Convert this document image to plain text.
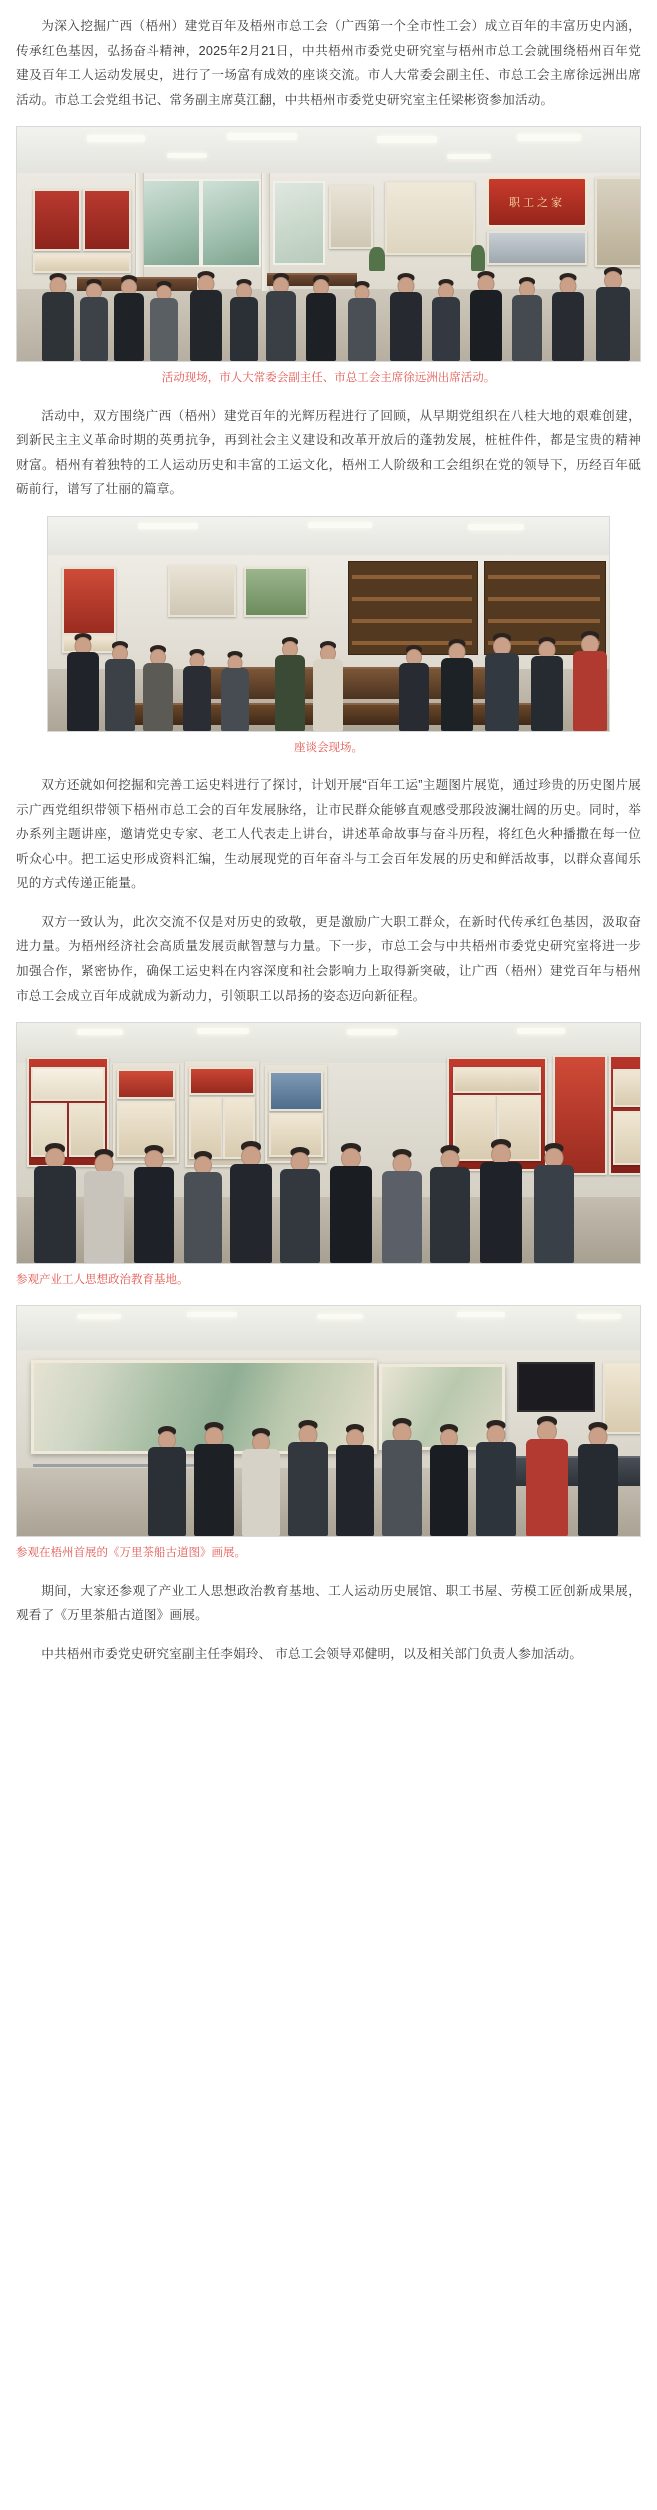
为深入挖掘广西（梧州）建党百年及梧州市总工会（广西第一个全市性工会）成立百年的丰富历史内涵，传承红色基因，弘扬奋斗精神，2025年2月21日，中共梧州市委党史研究室与梧州市总工会就围绕梧州百年党建及百年工人运动发展史，进行了一场富有成效的座谈交流。市人大常委会副主任、市总工会主席徐远洲出席活动。市总工会党组书记、常务副主席莫江翻，中共梧州市委党史研究室主任梁彬资参加活动。

职工之家
活动现场，市人大常委会副主任、市总工会主席徐远洲出席活动。

活动中，双方围绕广西（梧州）建党百年的光辉历程进行了回顾，从早期党组织在八桂大地的艰难创建，到新民主主义革命时期的英勇抗争，再到社会主义建设和改革开放后的蓬勃发展，桩桩件件，都是宝贵的精神财富。梧州有着独特的工人运动历史和丰富的工运文化，梧州工人阶级和工会组织在党的领导下，历经百年砥砺前行，谱写了壮丽的篇章。

座谈会现场。

双方还就如何挖掘和完善工运史料进行了探讨，计划开展“百年工运”主题图片展览，通过珍贵的历史图片展示广西党组织带领下梧州市总工会的百年发展脉络，让市民群众能够直观感受那段波澜壮阔的历史。同时，举办系列主题讲座，邀请党史专家、老工人代表走上讲台，讲述革命故事与奋斗历程，将红色火种播撒在每一位听众心中。把工运史形成资料汇编，生动展现党的百年奋斗与工会百年发展的历史和鲜活故事，以群众喜闻乐见的方式传递正能量。

双方一致认为，此次交流不仅是对历史的致敬，更是激励广大职工群众，在新时代传承红色基因，汲取奋进力量。为梧州经济社会高质量发展贡献智慧与力量。下一步，市总工会与中共梧州市委党史研究室将进一步加强合作，紧密协作，确保工运史料在内容深度和社会影响力上取得新突破，让广西（梧州）建党百年与梧州市总工会成立百年成就成为新动力，引领职工以昂扬的姿态迈向新征程。

参观产业工人思想政治教育基地。
参观在梧州首展的《万里茶船古道图》画展。

期间，大家还参观了产业工人思想政治教育基地、工人运动历史展馆、职工书屋、劳模工匠创新成果展，观看了《万里茶船古道图》画展。

中共梧州市委党史研究室副主任李娟玲、 市总工会领导邓健明，以及相关部门负责人参加活动。
